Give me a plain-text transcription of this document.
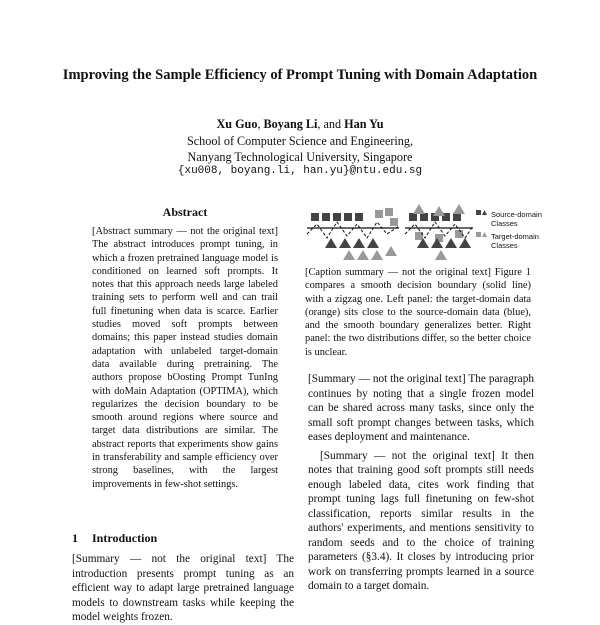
Improving the Sample Efficiency of Prompt Tuning with Domain Adaptation
Xu Guo, Boyang Li, and Han Yu
School of Computer Science and Engineering,
Nanyang Technological University, Singapore
{xu008, boyang.li, han.yu}@ntu.edu.sg
Abstract

[Abstract summary — not the original text] The abstract introduces prompt tuning, in which a frozen pretrained language model is conditioned on learned soft prompts. It notes that this approach needs large labeled training sets to perform well and can trail full finetuning when data is scarce. Earlier studies moved soft prompts between domains; this paper instead studies domain adaptation with unlabeled target-domain data available during pretraining. The authors propose bOosting Prompt TunIng with doMain Adaptation (OPTIMA), which regularizes the decision boundary to be smooth around regions where source and target data distributions are similar. The abstract reports that experiments show gains in transferability and sample efficiency over strong baselines, with the largest improvements in few-shot settings.

1 Introduction

[Summary — not the original text] The introduction presents prompt tuning as an efficient way to adapt large pretrained language models to downstream tasks while keeping the model weights frozen.

Source-domain Classes
Target-domain Classes

[Caption summary — not the original text] Figure 1 compares a smooth decision boundary (solid line) with a zigzag one. Left panel: the target-domain data (orange) sits close to the source-domain data (blue), and the smooth boundary generalizes better. Right panel: the two distributions differ, so the better choice is unclear.

[Summary — not the original text] The paragraph continues by noting that a single frozen model can be shared across many tasks, since only the small soft prompt changes between tasks, which eases deployment and maintenance.

[Summary — not the original text] It then notes that training good soft prompts still needs enough labeled data, cites work finding that prompt tuning lags full finetuning on few-shot classification, reports similar results in the authors' experiments, and mentions sensitivity to random seeds and to the choice of training parameters (§3.4). It closes by introducing prior work on transferring prompts learned in a source domain to a target domain.
